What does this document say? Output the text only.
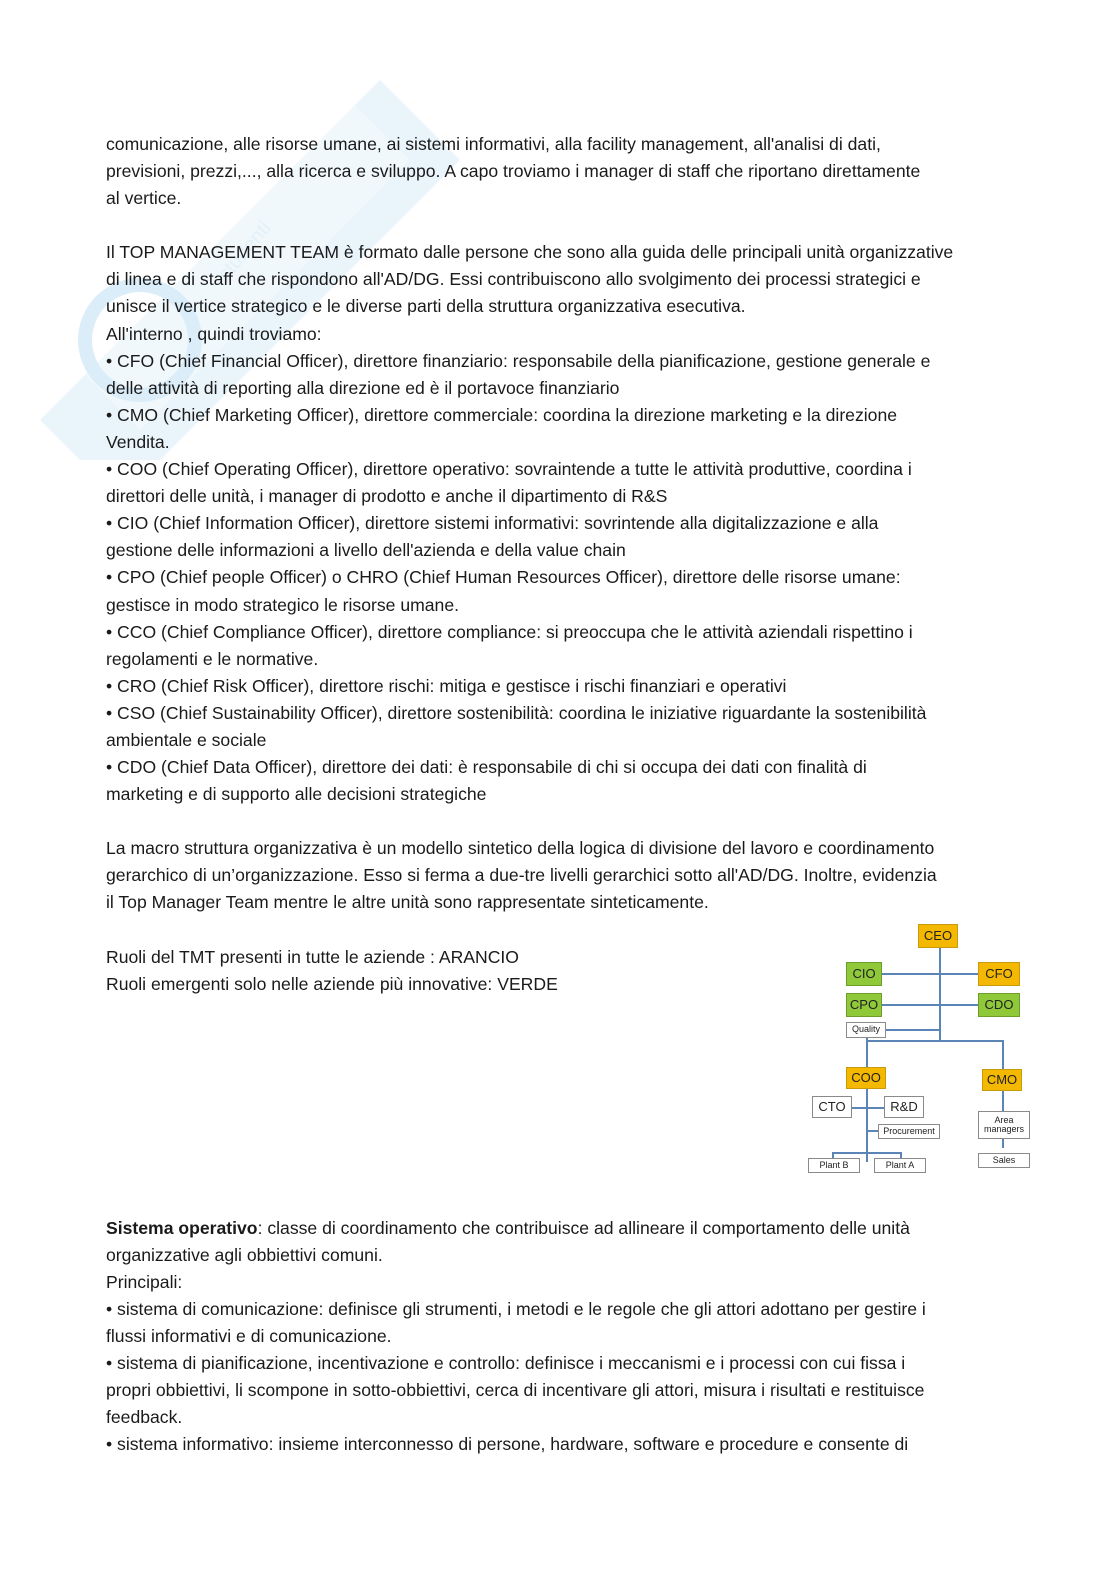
studenti

comunicazione, alle risorse umane, ai sistemi informativi, alla facility management, all'analisi di dati,

previsioni, prezzi,..., alla ricerca e sviluppo. A capo troviamo i manager di staff che riportano direttamente

al vertice.

Il TOP MANAGEMENT TEAM è formato dalle persone che sono alla guida delle principali unità organizzative

di linea e di staff che rispondono all'AD/DG. Essi contribuiscono allo svolgimento dei processi strategici e

unisce il vertice strategico e le diverse parti della struttura organizzativa esecutiva.

All'interno , quindi troviamo:

• CFO (Chief Financial Officer), direttore finanziario: responsabile della pianificazione, gestione generale e

delle attività di reporting alla direzione ed è il portavoce finanziario

• CMO (Chief Marketing Officer), direttore commerciale: coordina la direzione marketing e la direzione

Vendita.

• COO (Chief Operating Officer), direttore operativo: sovraintende a tutte le attività produttive, coordina i

direttori delle unità, i manager di prodotto e anche il dipartimento di R&S

• CIO (Chief Information Officer), direttore sistemi informativi: sovrintende alla digitalizzazione e alla

gestione delle informazioni a livello dell'azienda e della value chain

• CPO (Chief people Officer) o CHRO (Chief Human Resources Officer), direttore delle risorse umane:

gestisce in modo strategico le risorse umane.

• CCO (Chief Compliance Officer), direttore compliance: si preoccupa che le attività aziendali rispettino i

regolamenti e le normative.

• CRO (Chief Risk Officer), direttore rischi: mitiga e gestisce i rischi finanziari e operativi

• CSO (Chief Sustainability Officer), direttore sostenibilità: coordina le iniziative riguardante la sostenibilità

ambientale e sociale

• CDO (Chief Data Officer), direttore dei dati: è responsabile di chi si occupa dei dati con finalità di

marketing e di supporto alle decisioni strategiche

La macro struttura organizzativa è un modello sintetico della logica di divisione del lavoro e coordinamento

gerarchico di un’organizzazione. Esso si ferma a due-tre livelli gerarchici sotto all'AD/DG. Inoltre, evidenzia

il Top Manager Team mentre le altre unità sono rappresentate sinteticamente.

Ruoli del TMT presenti in tutte le aziende : ARANCIO

Ruoli emergenti solo nelle aziende più innovative: VERDE

CEO
CIO	CFO
CPO	CDO
Quality
COO	CMO
CTO	R&D
Procurement
Area managers
Sales
Plant B	Plant A

Sistema operativo: classe di coordinamento che contribuisce ad allineare il comportamento delle unità

organizzative agli obbiettivi comuni.

Principali:

• sistema di comunicazione: definisce gli strumenti, i metodi e le regole che gli attori adottano per gestire i

flussi informativi e di comunicazione.

• sistema di pianificazione, incentivazione e controllo: definisce i meccanismi e i processi con cui fissa i

propri obbiettivi, li scompone in sotto-obbiettivi, cerca di incentivare gli attori, misura i risultati e restituisce

feedback.

• sistema informativo: insieme interconnesso di persone, hardware, software e procedure e consente di
